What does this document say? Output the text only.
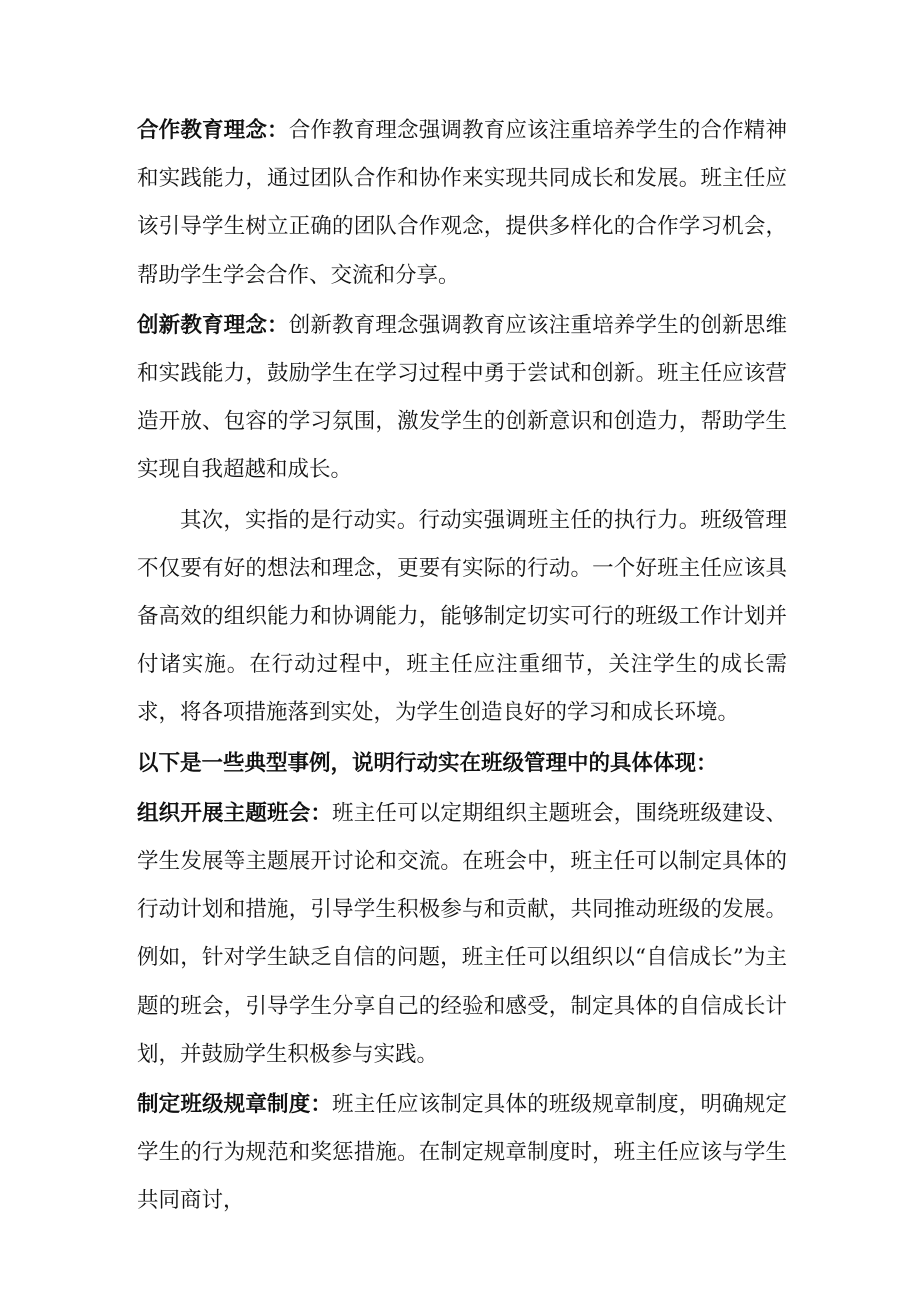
合作教育理念：合作教育理念强调教育应该注重培养学生的合作精神和实践能力，通过团队合作和协作来实现共同成长和发展。班主任应该引导学生树立正确的团队合作观念，提供多样化的合作学习机会，帮助学生学会合作、交流和分享。

创新教育理念：创新教育理念强调教育应该注重培养学生的创新思维和实践能力，鼓励学生在学习过程中勇于尝试和创新。班主任应该营造开放、包容的学习氛围，激发学生的创新意识和创造力，帮助学生实现自我超越和成长。

其次，实指的是行动实。行动实强调班主任的执行力。班级管理不仅要有好的想法和理念，更要有实际的行动。一个好班主任应该具备高效的组织能力和协调能力，能够制定切实可行的班级工作计划并付诸实施。在行动过程中，班主任应注重细节，关注学生的成长需求，将各项措施落到实处，为学生创造良好的学习和成长环境。

以下是一些典型事例，说明行动实在班级管理中的具体体现：

组织开展主题班会：班主任可以定期组织主题班会，围绕班级建设、学生发展等主题展开讨论和交流。在班会中，班主任可以制定具体的行动计划和措施，引导学生积极参与和贡献，共同推动班级的发展。例如，针对学生缺乏自信的问题，班主任可以组织以“自信成长”为主题的班会，引导学生分享自己的经验和感受，制定具体的自信成长计划，并鼓励学生积极参与实践。

制定班级规章制度：班主任应该制定具体的班级规章制度，明确规定学生的行为规范和奖惩措施。在制定规章制度时，班主任应该与学生共同商讨，
